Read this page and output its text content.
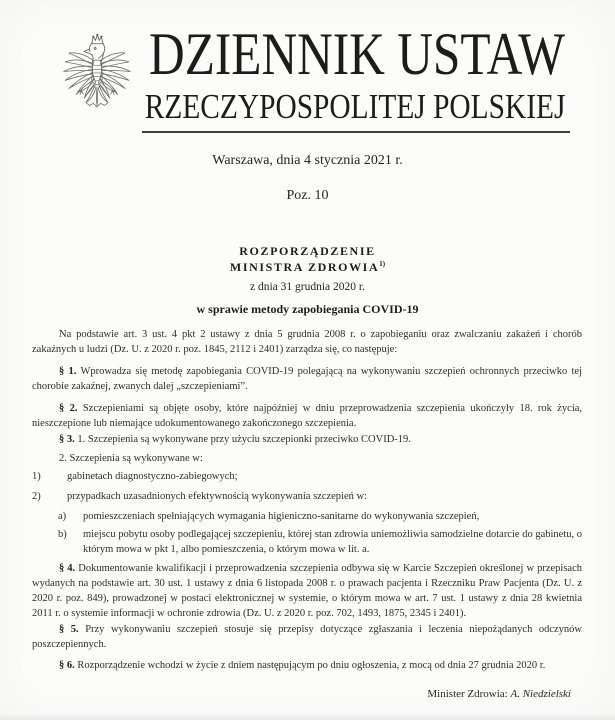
DZIENNIK USTAW
RZECZYPOSPOLITEJ POLSKIEJ
Warszawa, dnia 4 stycznia 2021 r.
Poz. 10
ROZPORZĄDZENIE
MINISTRA ZDROWIA$^{1)}$
z dnia 31 grudnia 2020 r.
w sprawie metody zapobiegania COVID-19

Na podstawie art. 3 ust. 4 pkt 2 ustawy z dnia 5 grudnia 2008 r. o zapobieganiu oraz zwalczaniu zakażeń i chorób zakaźnych u ludzi (Dz. U. z 2020 r. poz. 1845, 2112 i 2401) zarządza się, co następuje:

§ 1. Wprowadza się metodę zapobiegania COVID-19 polegającą na wykonywaniu szczepień ochronnych przeciwko tej chorobie zakaźnej, zwanych dalej „szczepieniami”.

§ 2. Szczepieniami są objęte osoby, które najpóźniej w dniu przeprowadzenia szczepienia ukończyły 18. rok życia, nieszczepione lub niemające udokumentowanego zakończonego szczepienia.

§ 3. 1. Szczepienia są wykonywane przy użyciu szczepionki przeciwko COVID-19.

2. Szczepienia są wykonywane w:

1)	gabinetach diagnostyczno-zabiegowych;
2)	przypadkach uzasadnionych efektywnością wykonywania szczepień w:
a)	pomieszczeniach spełniających wymagania higieniczno-sanitarne do wykonywania szczepień,
b)	miejscu pobytu osoby podlegającej szczepieniu, której stan zdrowia uniemożliwia samodzielne dotarcie do gabinetu, o którym mowa w pkt 1, albo pomieszczenia, o którym mowa w lit. a.

§ 4. Dokumentowanie kwalifikacji i przeprowadzenia szczepienia odbywa się w Karcie Szczepień określonej w przepisach wydanych na podstawie art. 30 ust. 1 ustawy z dnia 6 listopada 2008 r. o prawach pacjenta i Rzeczniku Praw Pacjenta (Dz. U. z 2020 r. poz. 849), prowadzonej w postaci elektronicznej w systemie, o którym mowa w art. 7 ust. 1 ustawy z dnia 28 kwietnia 2011 r. o systemie informacji w ochronie zdrowia (Dz. U. z 2020 r. poz. 702, 1493, 1875, 2345 i 2401).

§ 5. Przy wykonywaniu szczepień stosuje się przepisy dotyczące zgłaszania i leczenia niepożądanych odczynów poszczepiennych.

§ 6. Rozporządzenie wchodzi w życie z dniem następującym po dniu ogłoszenia, z mocą od dnia 27 grudnia 2020 r.

Minister Zdrowia: A. Niedzielski
